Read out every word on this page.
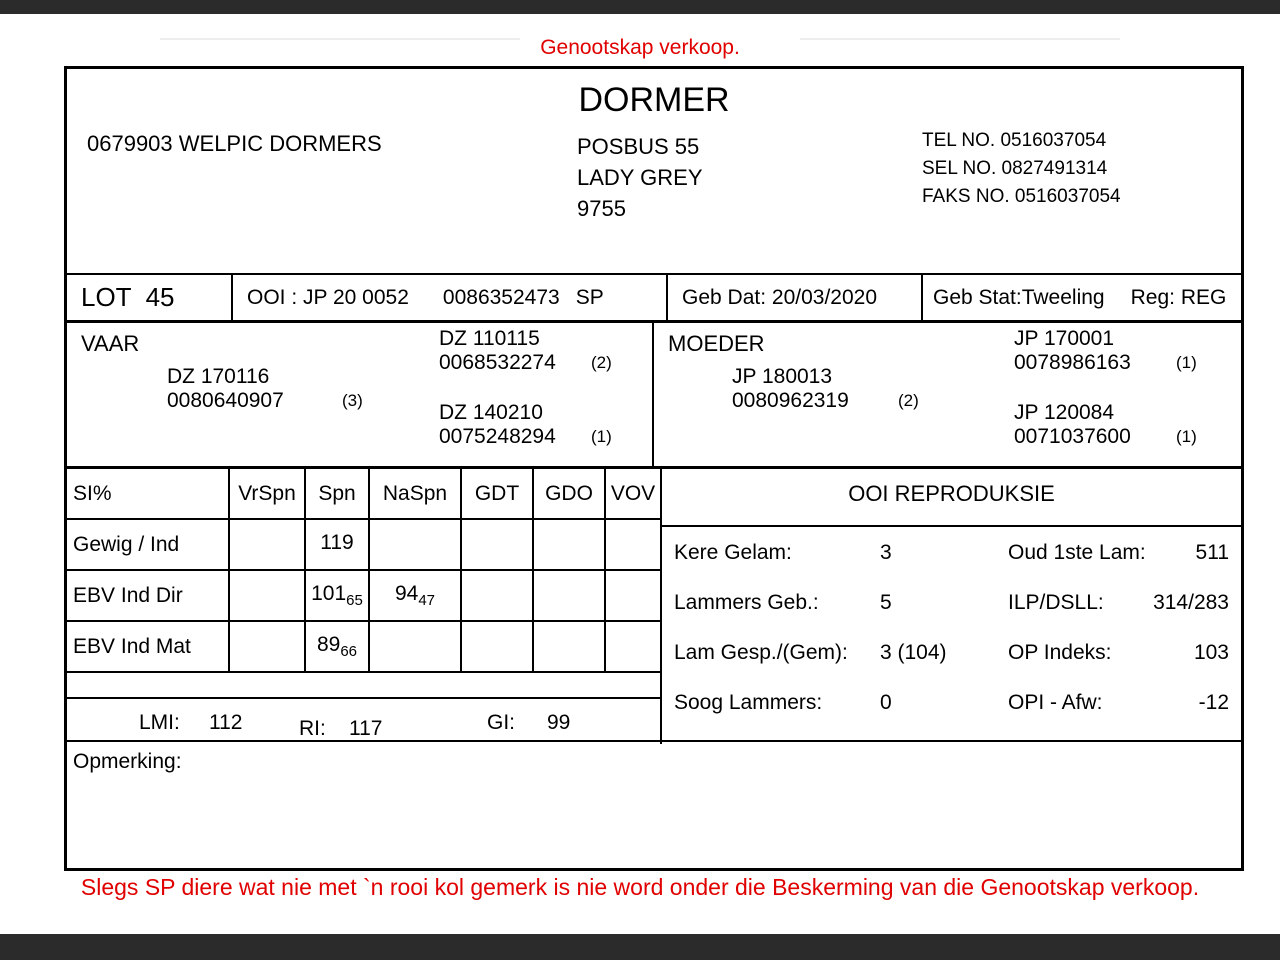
Genootskap verkoop.
DORMER
0679903 WELPIC DORMERS	POSBUS 55
LADY GREY
9755
TEL NO. 0516037054
SEL NO. 0827491314
FAKS NO. 0516037054
LOT 45	OOI :
JP 20 0052 0086352473 SP	Geb Dat:
20/03/2020	Geb Stat: Tweeling Reg:
REG
VAAR
DZ 170116
0080640907	(3)
DZ 110115
0068532274 (2)
DZ 140210
0075248294 (1)
MOEDER
JP 180013
0080962319	(2)
JP 170001
0078986163	(1)
JP 120084
0071037600	(1)
SI%	VrSpn	Spn	NaSpn	GDT	GDO	VOV
Gewig / Ind		119				
EBV Ind Dir		$101_{65}$	$94_{47}$			
EBV Ind Mat		$89_{66}$				
LMI: 112	RI: 117	GI: 99
OOI REPRODUKSIE
Kere Gelam:	3	Oud 1ste Lam: 511
Lammers Geb.:	5	ILP/DSLL: 314/283
Lam Gesp./(Gem): 3 (104)	OP Indeks:	103
Soog Lammers:	0	OPI - Afw:	-12
Opmerking:
Slegs SP diere wat nie met `n rooi kol gemerk is nie word onder die Beskerming van die Genootskap verkoop.
